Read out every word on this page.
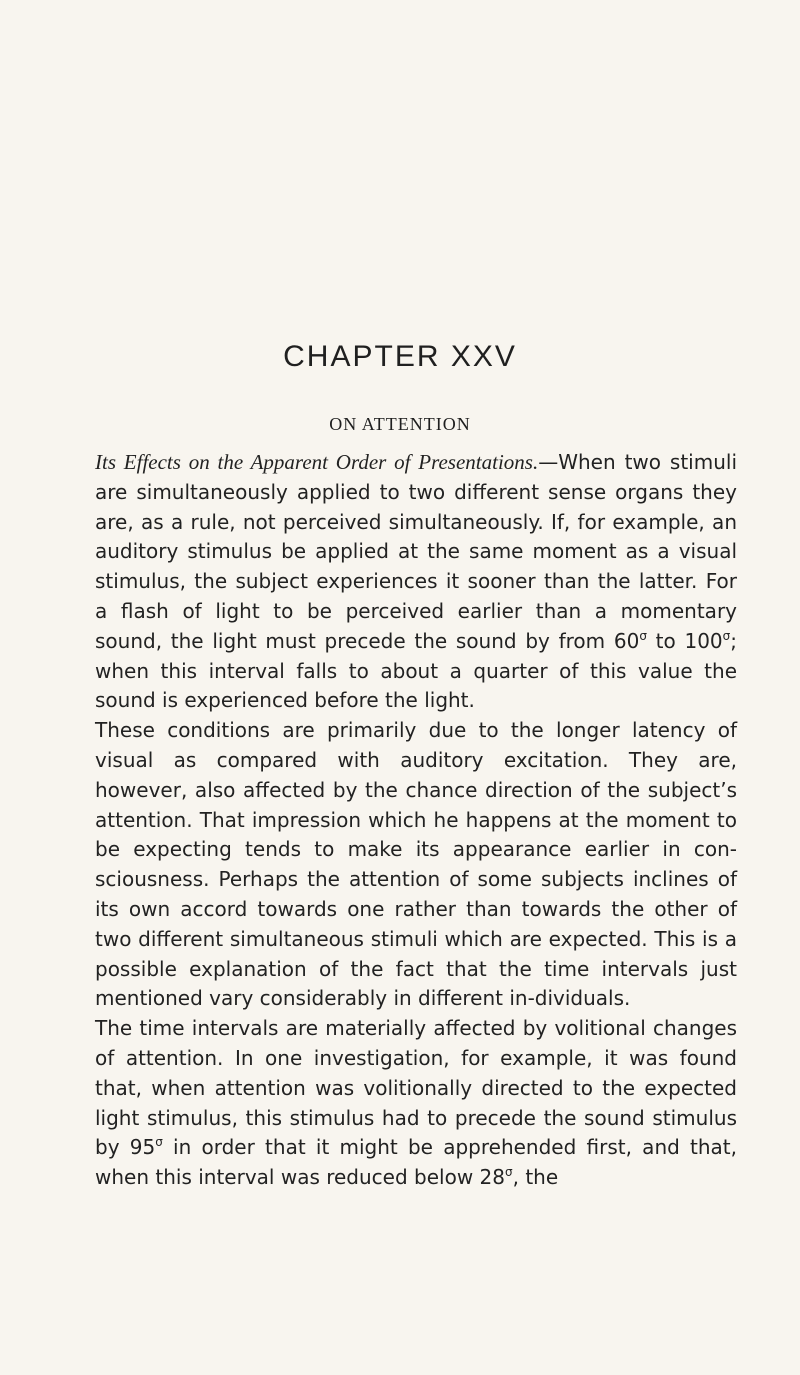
CHAPTER XXV
ON ATTENTION

Its Effects on the Apparent Order of Presentations.—When two stimuli are simultaneously applied to two different sense organs they are, as a rule, not perceived simultaneously. If, for example, an auditory stimulus be applied at the same moment as a visual stimulus, the subject experiences it sooner than the latter. For a flash of light to be perceived earlier than a momentary sound, the light must precede the sound by from $60^\sigma$ to $100^\sigma$; when this interval falls to about a quarter of this value the sound is experienced before the light.

These conditions are primarily due to the longer latency of visual as compared with auditory excitation. They are, however, also affected by the chance direction of the subject’s attention. That impression which he happens at the moment to be expecting tends to make its appearance earlier in con-sciousness. Perhaps the attention of some subjects inclines of its own accord towards one rather than towards the other of two different simultaneous stimuli which are expected. This is a possible explanation of the fact that the time intervals just mentioned vary considerably in different in-dividuals.

The time intervals are materially affected by volitional changes of attention. In one investigation, for example, it was found that, when attention was volitionally directed to the expected light stimulus, this stimulus had to precede the sound stimulus by $95^\sigma$ in order that it might be apprehended first, and that, when this interval was reduced below $28^\sigma$, the
